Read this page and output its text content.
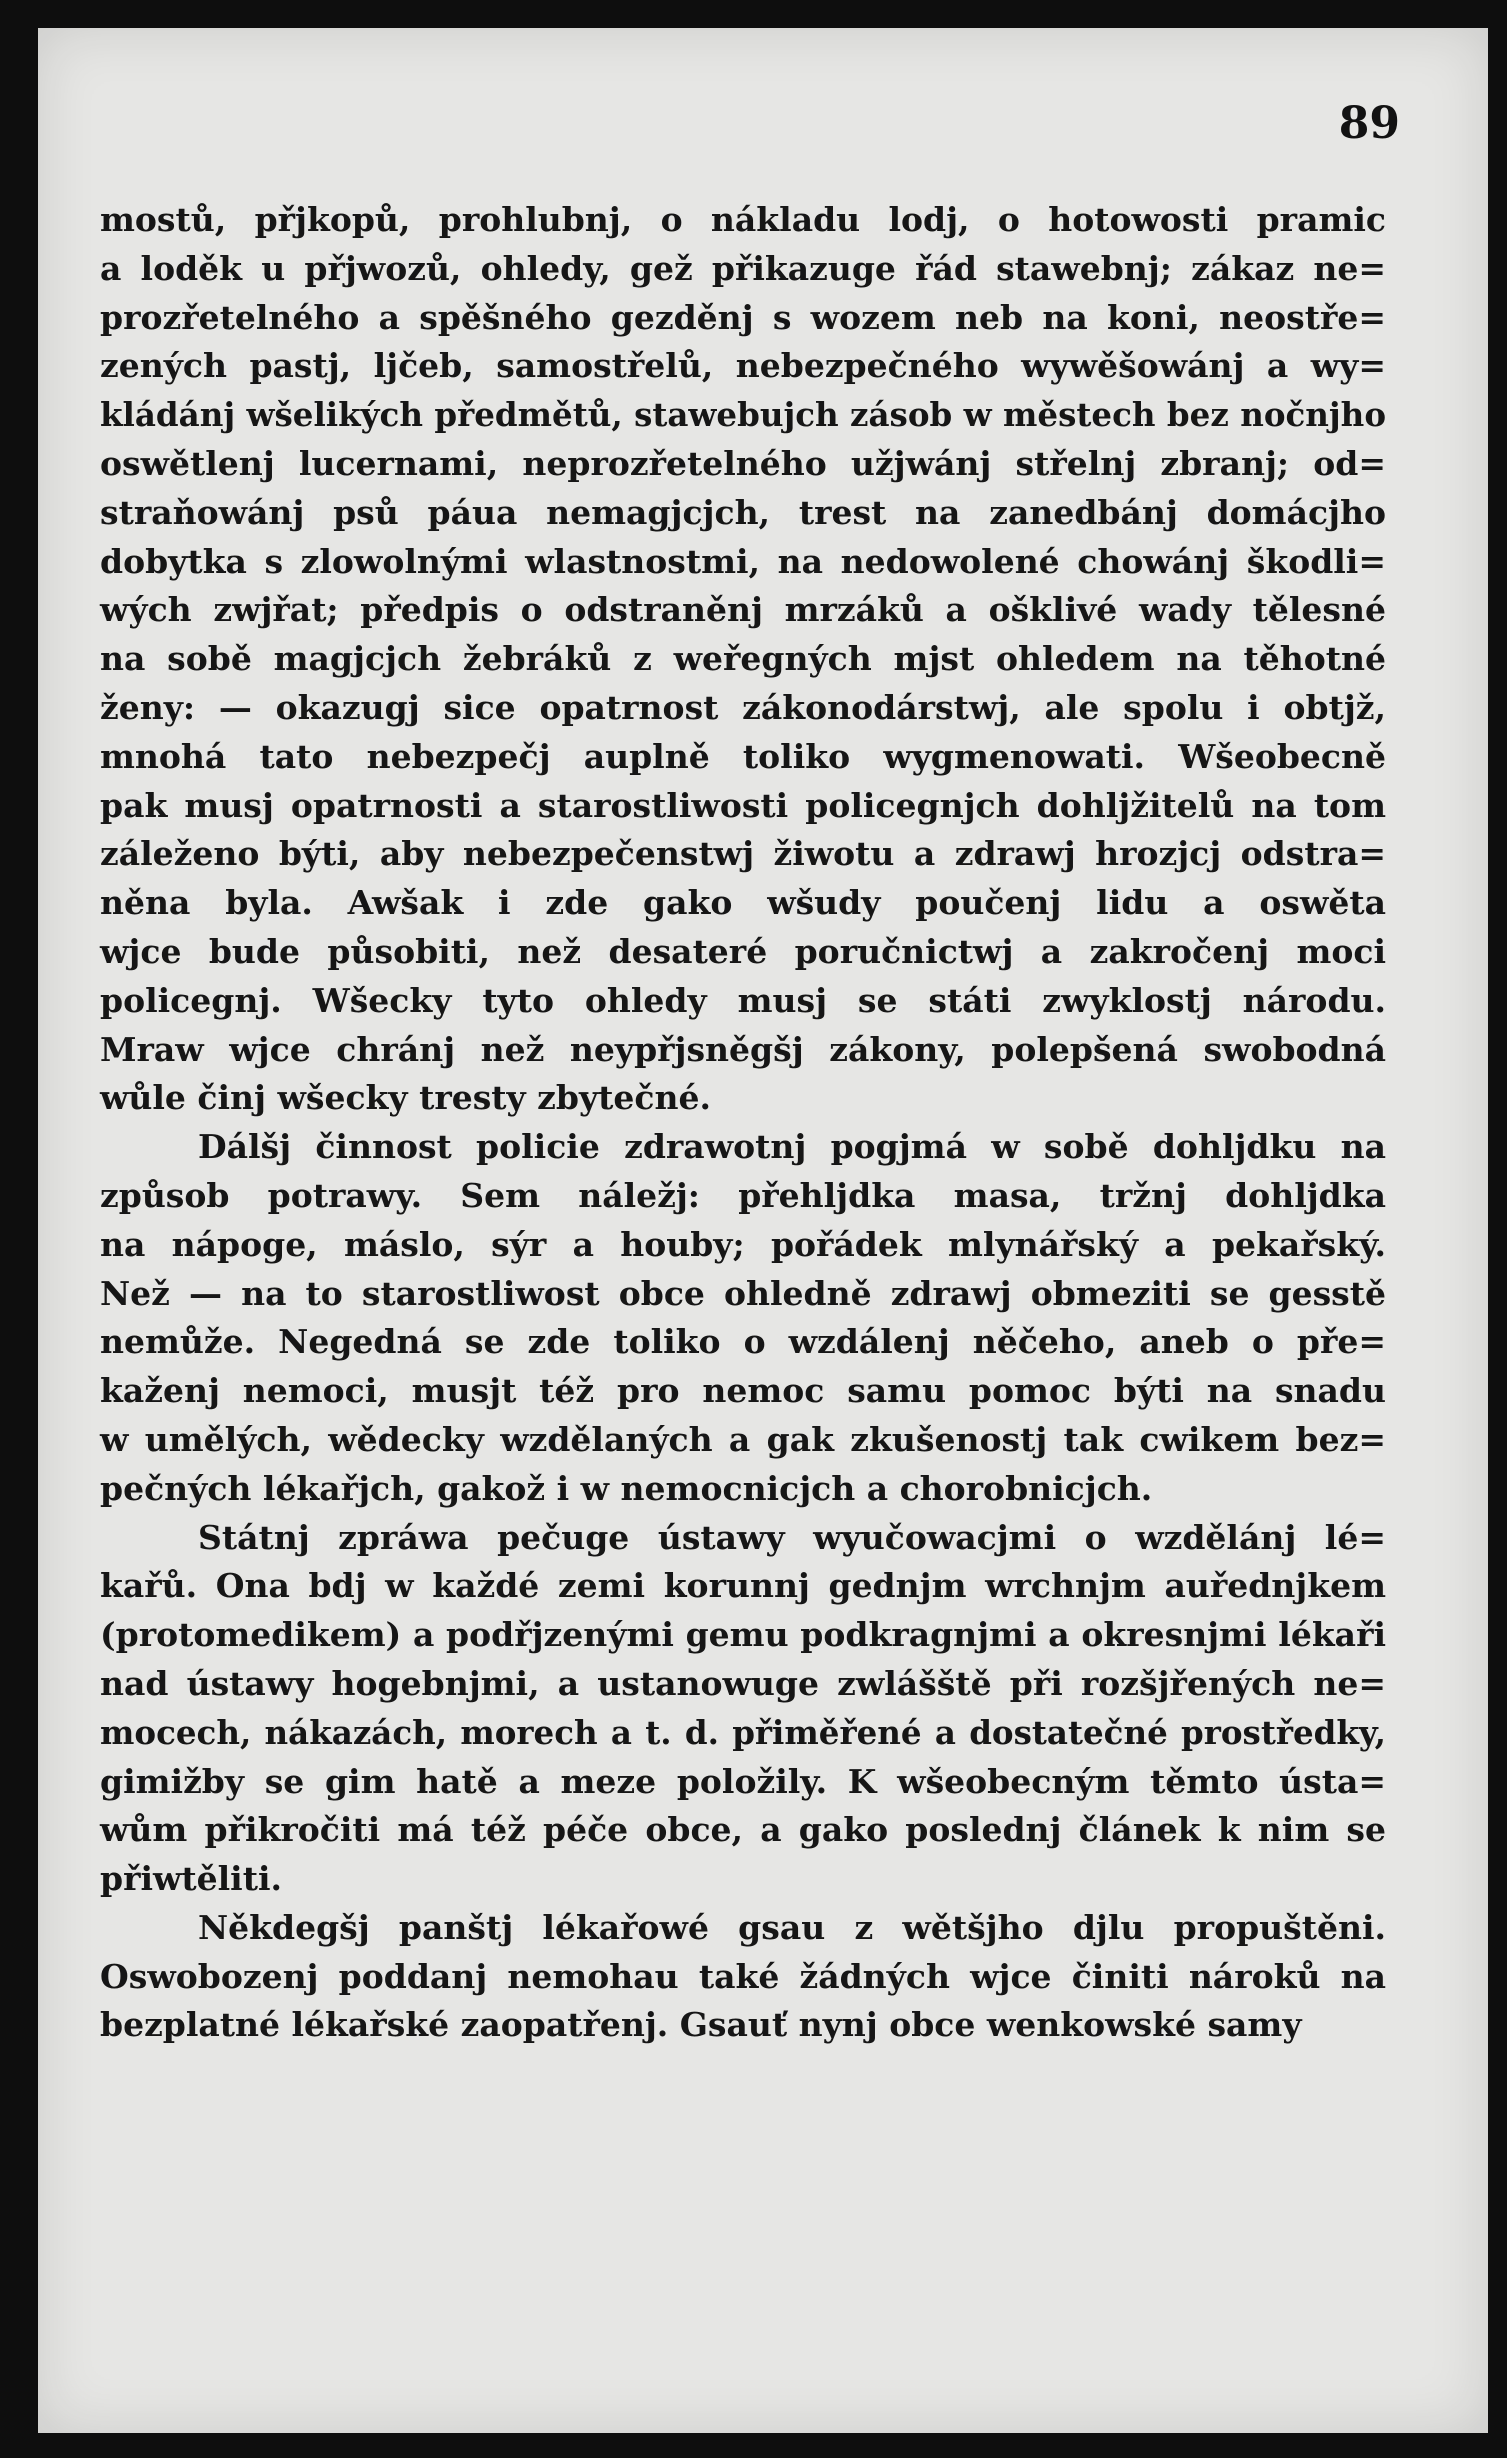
89
mostů, přjkopů, prohlubnj, o nákladu lodj, o hotowosti pramic
a loděk u přjwozů, ohledy, gež přikazuge řád stawebnj; zákaz ne=
prozřetelného a spěšného gezděnj s wozem neb na koni, neostře=
zených pastj, ljčeb, samostřelů, nebezpečného wywěšowánj a wy=
kládánj wšelikých předmětů, stawebujch zásob w městech bez nočnjho
oswětlenj lucernami, neprozřetelného užjwánj střelnj zbranj; od=
straňowánj psů páua nemagjcjch, trest na zanedbánj domácjho
dobytka s zlowolnými wlastnostmi, na nedowolené chowánj škodli=
wých zwjřat; předpis o odstraněnj mrzáků a ošklivé wady tělesné
na sobě magjcjch žebráků z weřegných mjst ohledem na těhotné
ženy: — okazugj sice opatrnost zákonodárstwj, ale spolu i obtjž,
mnohá tato nebezpečj auplně toliko wygmenowati. Wšeobecně
pak musj opatrnosti a starostliwosti policegnjch dohljžitelů na tom
záleženo býti, aby nebezpečenstwj žiwotu a zdrawj hrozjcj odstra=
něna byla. Awšak i zde gako wšudy poučenj lidu a oswěta
wjce bude působiti, než desateré poručnictwj a zakročenj moci
policegnj. Wšecky tyto ohledy musj se státi zwyklostj národu.
Mraw wjce chránj než neypřjsněgšj zákony, polepšená swobodná
wůle činj wšecky tresty zbytečné.
Dálšj činnost policie zdrawotnj pogjmá w sobě dohljdku na
způsob potrawy. Sem náležj: přehljdka masa, tržnj dohljdka
na nápoge, máslo, sýr a houby; pořádek mlynářský a pekařský.
Než — na to starostliwost obce ohledně zdrawj obmeziti se gesstě
nemůže. Negedná se zde toliko o wzdálenj něčeho, aneb o pře=
kaženj nemoci, musjt též pro nemoc samu pomoc býti na snadu
w umělých, wědecky wzdělaných a gak zkušenostj tak cwikem bez=
pečných lékařjch, gakož i w nemocnicjch a chorobnicjch.
Státnj zpráwa pečuge ústawy wyučowacjmi o wzdělánj lé=
kařů. Ona bdj w každé zemi korunnj gednjm wrchnjm auřednjkem
(protomedikem) a podřjzenými gemu podkragnjmi a okresnjmi lékaři
nad ústawy hogebnjmi, a ustanowuge zwlášště při rozšjřených ne=
mocech, nákazách, morech a t. d. přiměřené a dostatečné prostředky,
gimižby se gim hatě a meze položily. K wšeobecným těmto ústa=
wům přikročiti má též péče obce, a gako poslednj článek k nim se
přiwtěliti.
Někdegšj panštj lékařowé gsau z wětšjho djlu propuštěni.
Oswobozenj poddanj nemohau také žádných wjce činiti nároků na
bezplatné lékařské zaopatřenj. Gsauť nynj obce wenkowské samy
